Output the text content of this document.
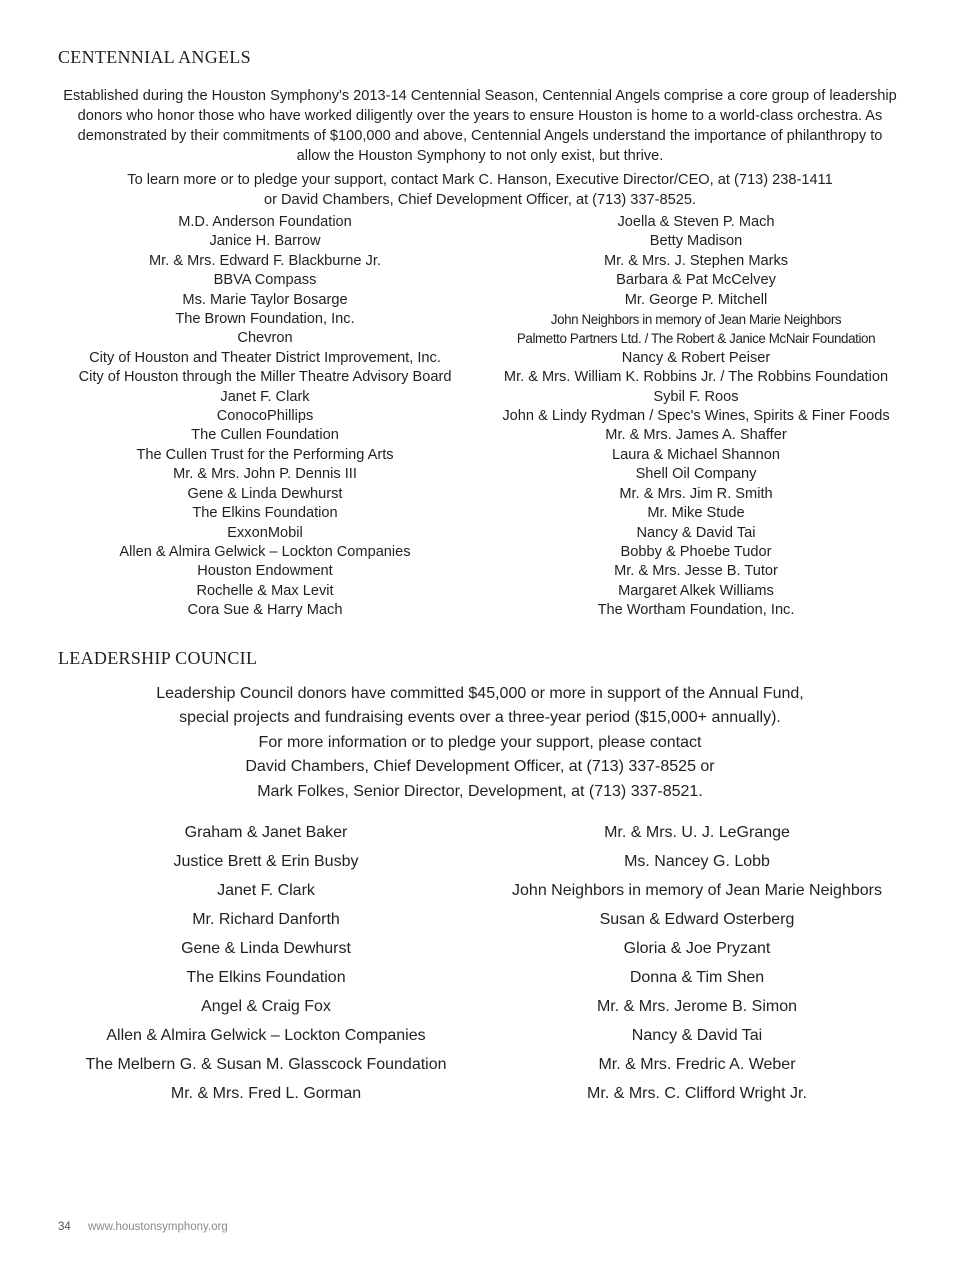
CENTENNIAL ANGELS

Established during the Houston Symphony's 2013-14 Centennial Season, Centennial Angels comprise a core group of leadership donors who honor those who have worked diligently over the years to ensure Houston is home to a world-class orchestra. As demonstrated by their commitments of $100,000 and above, Centennial Angels understand the importance of philanthropy to allow the Houston Symphony to not only exist, but thrive.

To learn more or to pledge your support, contact Mark C. Hanson, Executive Director/CEO, at (713) 238-1411
or David Chambers, Chief Development Officer, at (713) 337-8525.

M.D. Anderson Foundation
Janice H. Barrow
Mr. & Mrs. Edward F. Blackburne Jr.
BBVA Compass
Ms. Marie Taylor Bosarge
The Brown Foundation, Inc.
Chevron
City of Houston and Theater District Improvement, Inc.
City of Houston through the Miller Theatre Advisory Board
Janet F. Clark
ConocoPhillips
The Cullen Foundation
The Cullen Trust for the Performing Arts
Mr. & Mrs. John P. Dennis III
Gene & Linda Dewhurst
The Elkins Foundation
ExxonMobil
Allen & Almira Gelwick – Lockton Companies
Houston Endowment
Rochelle & Max Levit
Cora Sue & Harry Mach
Joella & Steven P. Mach
Betty Madison
Mr. & Mrs. J. Stephen Marks
Barbara & Pat McCelvey
Mr. George P. Mitchell
John Neighbors in memory of Jean Marie Neighbors
Palmetto Partners Ltd. / The Robert & Janice McNair Foundation
Nancy & Robert Peiser
Mr. & Mrs. William K. Robbins Jr. / The Robbins Foundation
Sybil F. Roos
John & Lindy Rydman / Spec's Wines, Spirits & Finer Foods
Mr. & Mrs. James A. Shaffer
Laura & Michael Shannon
Shell Oil Company
Mr. & Mrs. Jim R. Smith
Mr. Mike Stude
Nancy & David Tai
Bobby & Phoebe Tudor
Mr. & Mrs. Jesse B. Tutor
Margaret Alkek Williams
The Wortham Foundation, Inc.
LEADERSHIP COUNCIL
Leadership Council donors have committed $45,000 or more in support of the Annual Fund,
special projects and fundraising events over a three-year period ($15,000+ annually).
For more information or to pledge your support, please contact
David Chambers, Chief Development Officer, at (713) 337-8525 or
Mark Folkes, Senior Director, Development, at (713) 337-8521.
Graham & Janet Baker
Justice Brett & Erin Busby
Janet F. Clark
Mr. Richard Danforth
Gene & Linda Dewhurst
The Elkins Foundation
Angel & Craig Fox
Allen & Almira Gelwick – Lockton Companies
The Melbern G. & Susan M. Glasscock Foundation
Mr. & Mrs. Fred L. Gorman
Mr. & Mrs. U. J. LeGrange
Ms. Nancey G. Lobb
John Neighbors in memory of Jean Marie Neighbors
Susan & Edward Osterberg
Gloria & Joe Pryzant
Donna & Tim Shen
Mr. & Mrs. Jerome B. Simon
Nancy & David Tai
Mr. & Mrs. Fredric A. Weber
Mr. & Mrs. C. Clifford Wright Jr.
34 www.houstonsymphony.org
